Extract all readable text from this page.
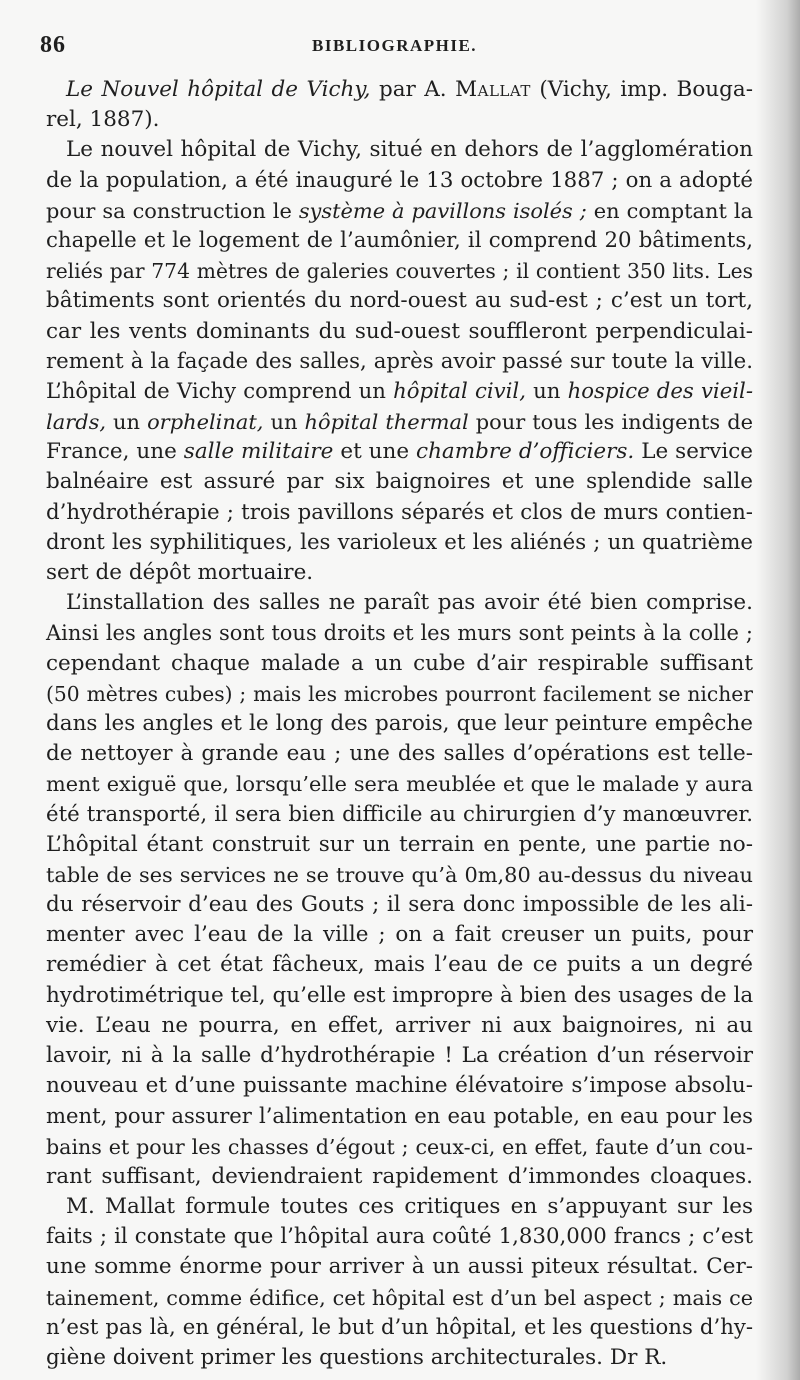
86	BIBLIOGRAPHIE.
Le Nouvel hôpital de Vichy, par A. Mallat (Vichy, imp. Bouga-
rel, 1887).
Le nouvel hôpital de Vichy, situé en dehors de l’agglomération
de la population, a été inauguré le 13 octobre 1887 ; on a adopté
pour sa construction le système à pavillons isolés ; en comptant la
chapelle et le logement de l’aumônier, il comprend 20 bâtiments,
reliés par 774 mètres de galeries couvertes ; il contient 350 lits. Les
bâtiments sont orientés du nord-ouest au sud-est ; c’est un tort,
car les vents dominants du sud-ouest souffleront perpendiculai-
rement à la façade des salles, après avoir passé sur toute la ville.
L’hôpital de Vichy comprend un hôpital civil, un hospice des vieil-
lards, un orphelinat, un hôpital thermal pour tous les indigents de
France, une salle militaire et une chambre d’officiers. Le service
balnéaire est assuré par six baignoires et une splendide salle
d’hydrothérapie ; trois pavillons séparés et clos de murs contien-
dront les syphilitiques, les varioleux et les aliénés ; un quatrième
sert de dépôt mortuaire.
L’installation des salles ne paraît pas avoir été bien comprise.
Ainsi les angles sont tous droits et les murs sont peints à la colle ;
cependant chaque malade a un cube d’air respirable suffisant
(50 mètres cubes) ; mais les microbes pourront facilement se nicher
dans les angles et le long des parois, que leur peinture empêche
de nettoyer à grande eau ; une des salles d’opérations est telle-
ment exiguë que, lorsqu’elle sera meublée et que le malade y aura
été transporté, il sera bien difficile au chirurgien d’y manœuvrer.
L’hôpital étant construit sur un terrain en pente, une partie no-
table de ses services ne se trouve qu’à 0m,80 au-dessus du niveau
du réservoir d’eau des Gouts ; il sera donc impossible de les ali-
menter avec l’eau de la ville ; on a fait creuser un puits, pour
remédier à cet état fâcheux, mais l’eau de ce puits a un degré
hydrotimétrique tel, qu’elle est impropre à bien des usages de la
vie. L’eau ne pourra, en effet, arriver ni aux baignoires, ni au
lavoir, ni à la salle d’hydrothérapie ! La création d’un réservoir
nouveau et d’une puissante machine élévatoire s’impose absolu-
ment, pour assurer l’alimentation en eau potable, en eau pour les
bains et pour les chasses d’égout ; ceux-ci, en effet, faute d’un cou-
rant suffisant, deviendraient rapidement d’immondes cloaques.
M. Mallat formule toutes ces critiques en s’appuyant sur les
faits ; il constate que l’hôpital aura coûté 1,830,000 francs ; c’est
une somme énorme pour arriver à un aussi piteux résultat. Cer-
tainement, comme édifice, cet hôpital est d’un bel aspect ; mais ce
n’est pas là, en général, le but d’un hôpital, et les questions d’hy-
giène doivent primer les questions architecturales. Dr R.
